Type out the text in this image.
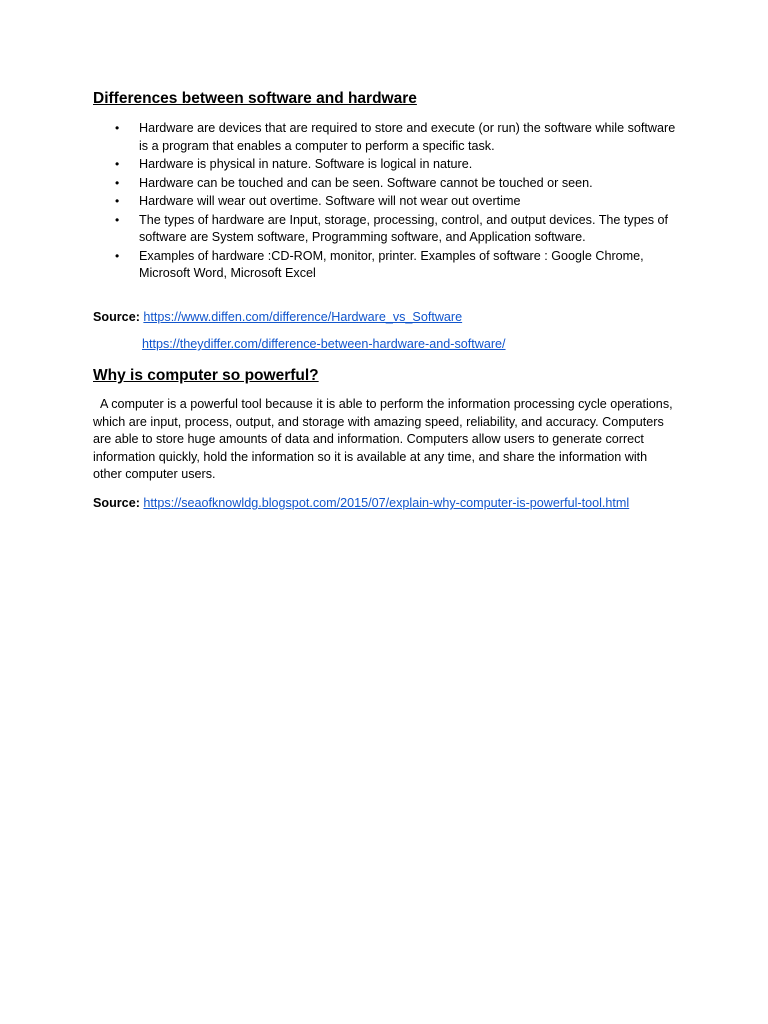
Differences between software and hardware
• Hardware are devices that are required to store and execute (or run) the software while software is a program that enables a computer to perform a specific task.
• Hardware is physical in nature. Software is logical in nature.
• Hardware can be touched and can be seen. Software cannot be touched or seen.
• Hardware will wear out overtime. Software will not wear out overtime
• The types of hardware are Input, storage, processing, control, and output devices. The types of software are System software, Programming software, and Application software.
• Examples of hardware :CD-ROM, monitor, printer. Examples of software : Google Chrome, Microsoft Word, Microsoft Excel
Source: https://www.diffen.com/difference/Hardware_vs_Software
https://theydiffer.com/difference-between-hardware-and-software/
Why is computer so powerful?

A computer is a powerful tool because it is able to perform the information processing cycle operations, which are input, process, output, and storage with amazing speed, reliability, and accuracy. Computers are able to store huge amounts of data and information. Computers allow users to generate correct information quickly, hold the information so it is available at any time, and share the information with other computer users.

Source: https://seaofknowldg.blogspot.com/2015/07/explain-why-computer-is-powerful-tool.html
